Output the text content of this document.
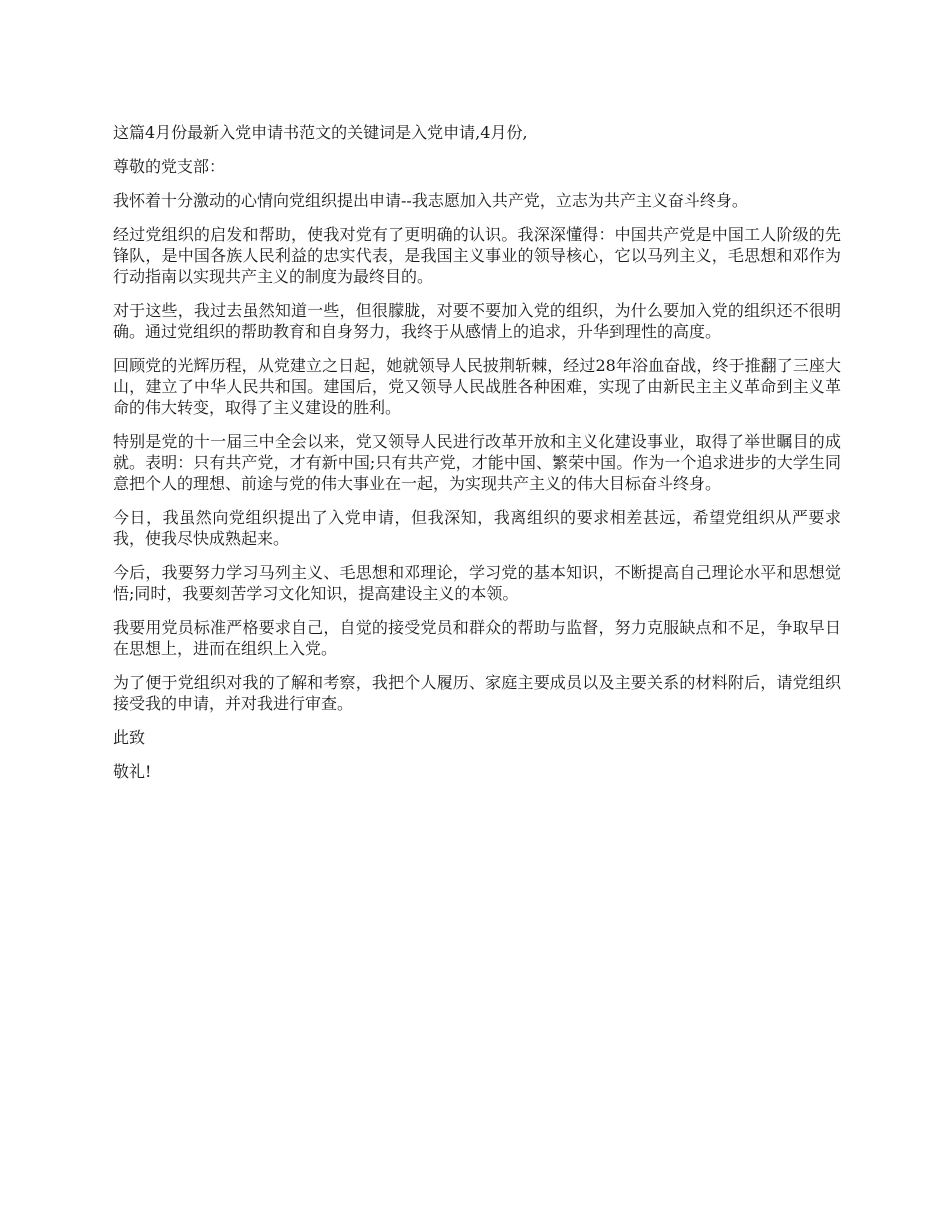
这篇4月份最新入党申请书范文的关键词是入党申请,4月份,

尊敬的党支部：

我怀着十分激动的心情向党组织提出申请--我志愿加入共产党，立志为共产主义奋斗终身。

经过党组织的启发和帮助，使我对党有了更明确的认识。我深深懂得：中国共产党是中国工人阶级的先锋队，是中国各族人民利益的忠实代表，是我国主义事业的领导核心，它以马列主义，毛思想和邓作为行动指南以实现共产主义的制度为最终目的。

对于这些，我过去虽然知道一些，但很朦胧，对要不要加入党的组织，为什么要加入党的组织还不很明确。通过党组织的帮助教育和自身努力，我终于从感情上的追求，升华到理性的高度。

回顾党的光辉历程，从党建立之日起，她就领导人民披荆斩棘，经过28年浴血奋战，终于推翻了三座大山，建立了中华人民共和国。建国后，党又领导人民战胜各种困难，实现了由新民主主义革命到主义革命的伟大转变，取得了主义建设的胜利。

特别是党的十一届三中全会以来，党又领导人民进行改革开放和主义化建设事业，取得了举世瞩目的成就。表明：只有共产党，才有新中国;只有共产党，才能中国、繁荣中国。作为一个追求进步的大学生同意把个人的理想、前途与党的伟大事业在一起，为实现共产主义的伟大目标奋斗终身。

今日，我虽然向党组织提出了入党申请，但我深知，我离组织的要求相差甚远，希望党组织从严要求我，使我尽快成熟起来。

今后，我要努力学习马列主义、毛思想和邓理论，学习党的基本知识，不断提高自己理论水平和思想觉悟;同时，我要刻苦学习文化知识，提高建设主义的本领。

我要用党员标准严格要求自己，自觉的接受党员和群众的帮助与监督，努力克服缺点和不足，争取早日在思想上，进而在组织上入党。

为了便于党组织对我的了解和考察，我把个人履历、家庭主要成员以及主要关系的材料附后，请党组织接受我的申请，并对我进行审查。

此致

敬礼!
